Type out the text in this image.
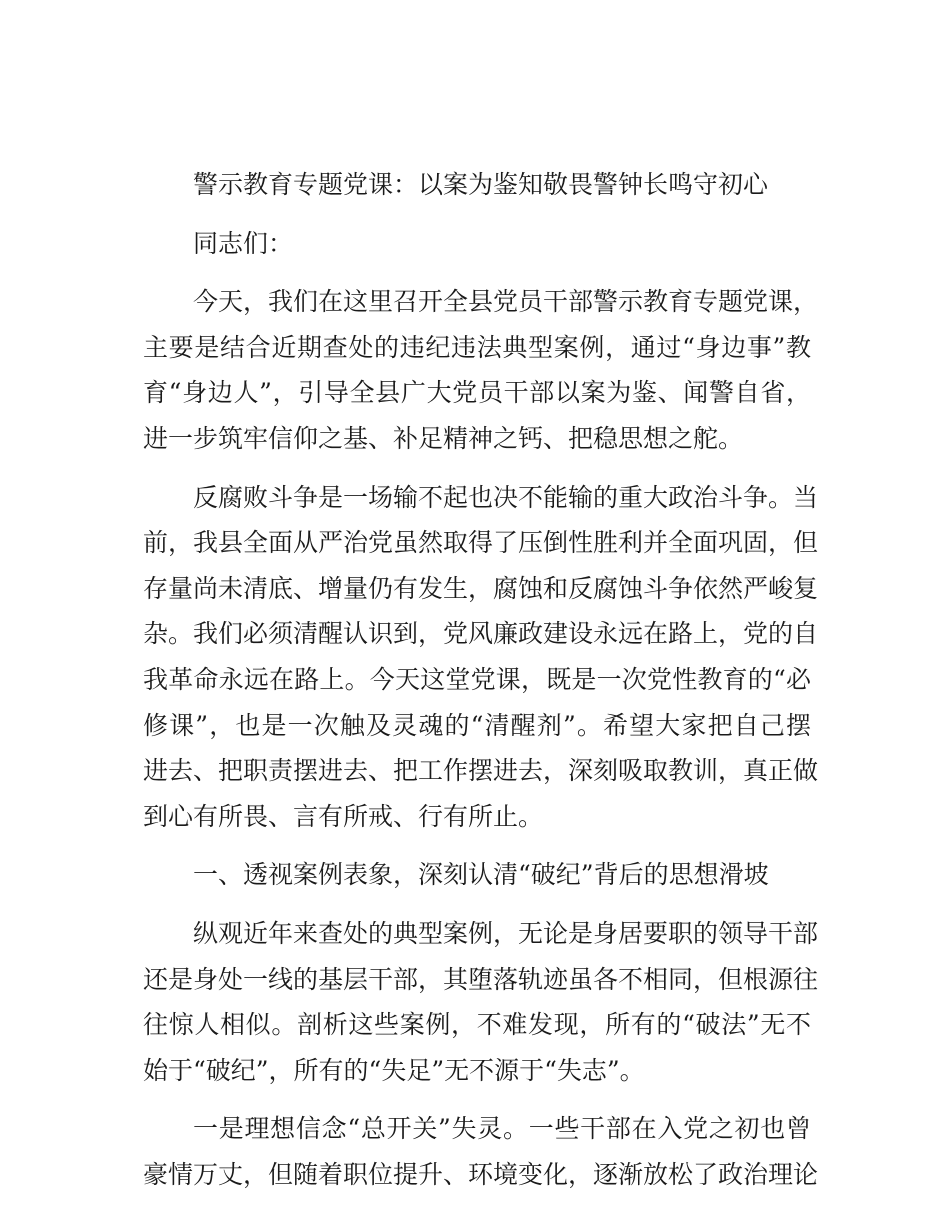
警示教育专题党课：以案为鉴知敬畏警钟长鸣守初心
同志们：
今天，我们在这里召开全县党员干部警示教育专题党课，
主要是结合近期查处的违纪违法典型案例，通过“身边事”教
育“身边人”，引导全县广大党员干部以案为鉴、闻警自省，
进一步筑牢信仰之基、补足精神之钙、把稳思想之舵。
反腐败斗争是一场输不起也决不能输的重大政治斗争。当
前，我县全面从严治党虽然取得了压倒性胜利并全面巩固，但
存量尚未清底、增量仍有发生，腐蚀和反腐蚀斗争依然严峻复
杂。我们必须清醒认识到，党风廉政建设永远在路上，党的自
我革命永远在路上。今天这堂党课，既是一次党性教育的“必
修课”，也是一次触及灵魂的“清醒剂”。希望大家把自己摆
进去、把职责摆进去、把工作摆进去，深刻吸取教训，真正做
到心有所畏、言有所戒、行有所止。
一、透视案例表象，深刻认清“破纪”背后的思想滑坡
纵观近年来查处的典型案例，无论是身居要职的领导干部
还是身处一线的基层干部，其堕落轨迹虽各不相同，但根源往
往惊人相似。剖析这些案例，不难发现，所有的“破法”无不
始于“破纪”，所有的“失足”无不源于“失志”。
一是理想信念“总开关”失灵。一些干部在入党之初也曾
豪情万丈，但随着职位提升、环境变化，逐渐放松了政治理论
